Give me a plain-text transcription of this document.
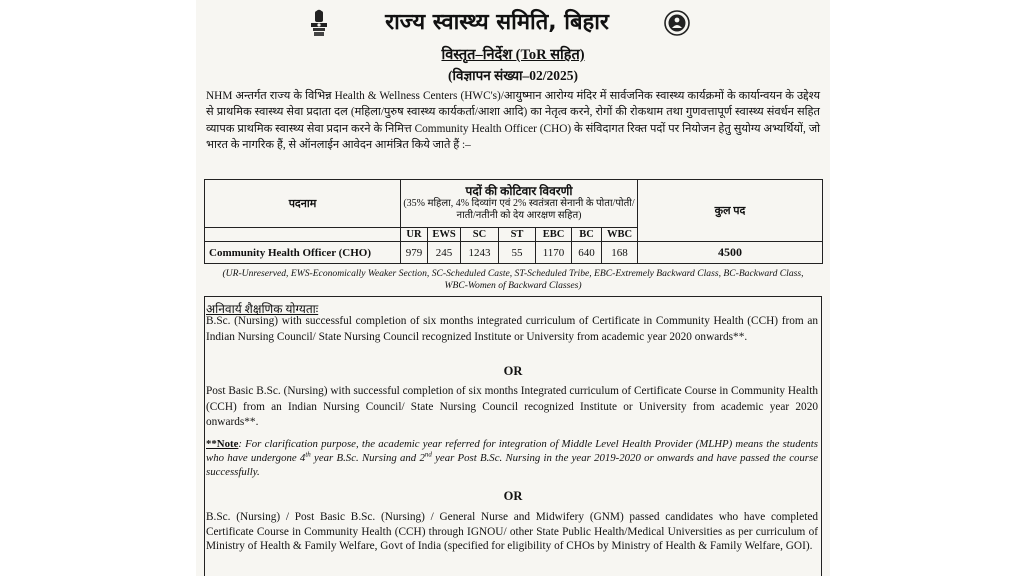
राज्य स्वास्थ्य समिति, बिहार
विस्तृत–निर्देश (ToR सहित)
(विज्ञापन संख्या–02/2025)

NHM अन्तर्गत राज्य के विभिन्न Health & Wellness Centers (HWC's)/आयुष्मान आरोग्य मंदिर में सार्वजनिक स्वास्थ्य कार्यक्रमों के कार्यान्वयन के उद्देश्य से प्राथमिक स्वास्थ्य सेवा प्रदाता दल (महिला/पुरुष स्वास्थ्य कार्यकर्ता/आशा आदि) का नेतृत्व करने, रोगों की रोकथाम तथा गुणवत्तापूर्ण स्वास्थ्य संवर्धन सहित व्यापक प्राथमिक स्वास्थ्य सेवा प्रदान करने के निमित्त Community Health Officer (CHO) के संविदागत रिक्त पदों पर नियोजन हेतु सुयोग्य अभ्यर्थियों, जो भारत के नागरिक हैं, से ऑनलाईन आवेदन आमंत्रित किये जाते हैं :–

पदनाम	पदों की कोटिवार विवरणी
(35% महिला, 4% दिव्यांग एवं 2% स्वतंत्रता सेनानी के पोता/पोती/नाती/नतीनी को देय आरक्षण सहित)							कुल पद
	UR	EWS	SC	ST	EBC	BC	WBC	
Community Health Officer (CHO)	979	245	1243	55	1170	640	168	4500

(UR-Unreserved, EWS-Economically Weaker Section, SC-Scheduled Caste, ST-Scheduled Tribe, EBC-Extremely Backward Class, BC-Backward Class, WBC-Women of Backward Classes)

अनिवार्य शैक्षणिक योग्यताः

B.Sc. (Nursing) with successful completion of six months integrated curriculum of Certificate in Community Health (CCH) from an Indian Nursing Council/ State Nursing Council recognized Institute or University from academic year 2020 onwards**.

OR

Post Basic B.Sc. (Nursing) with successful completion of six months Integrated curriculum of Certificate Course in Community Health (CCH) from an Indian Nursing Council/ State Nursing Council recognized Institute or University from academic year 2020 onwards**.

**Note: For clarification purpose, the academic year referred for integration of Middle Level Health Provider (MLHP) means the students who have undergone 4th year B.Sc. Nursing and 2nd year Post B.Sc. Nursing in the year 2019-2020 or onwards and have passed the course successfully.

OR

B.Sc. (Nursing) / Post Basic B.Sc. (Nursing) / General Nurse and Midwifery (GNM) passed candidates who have completed Certificate Course in Community Health (CCH) through IGNOU/ other State Public Health/Medical Universities as per curriculum of Ministry of Health & Family Welfare, Govt of India (specified for eligibility of CHOs by Ministry of Health & Family Welfare, GOI).
